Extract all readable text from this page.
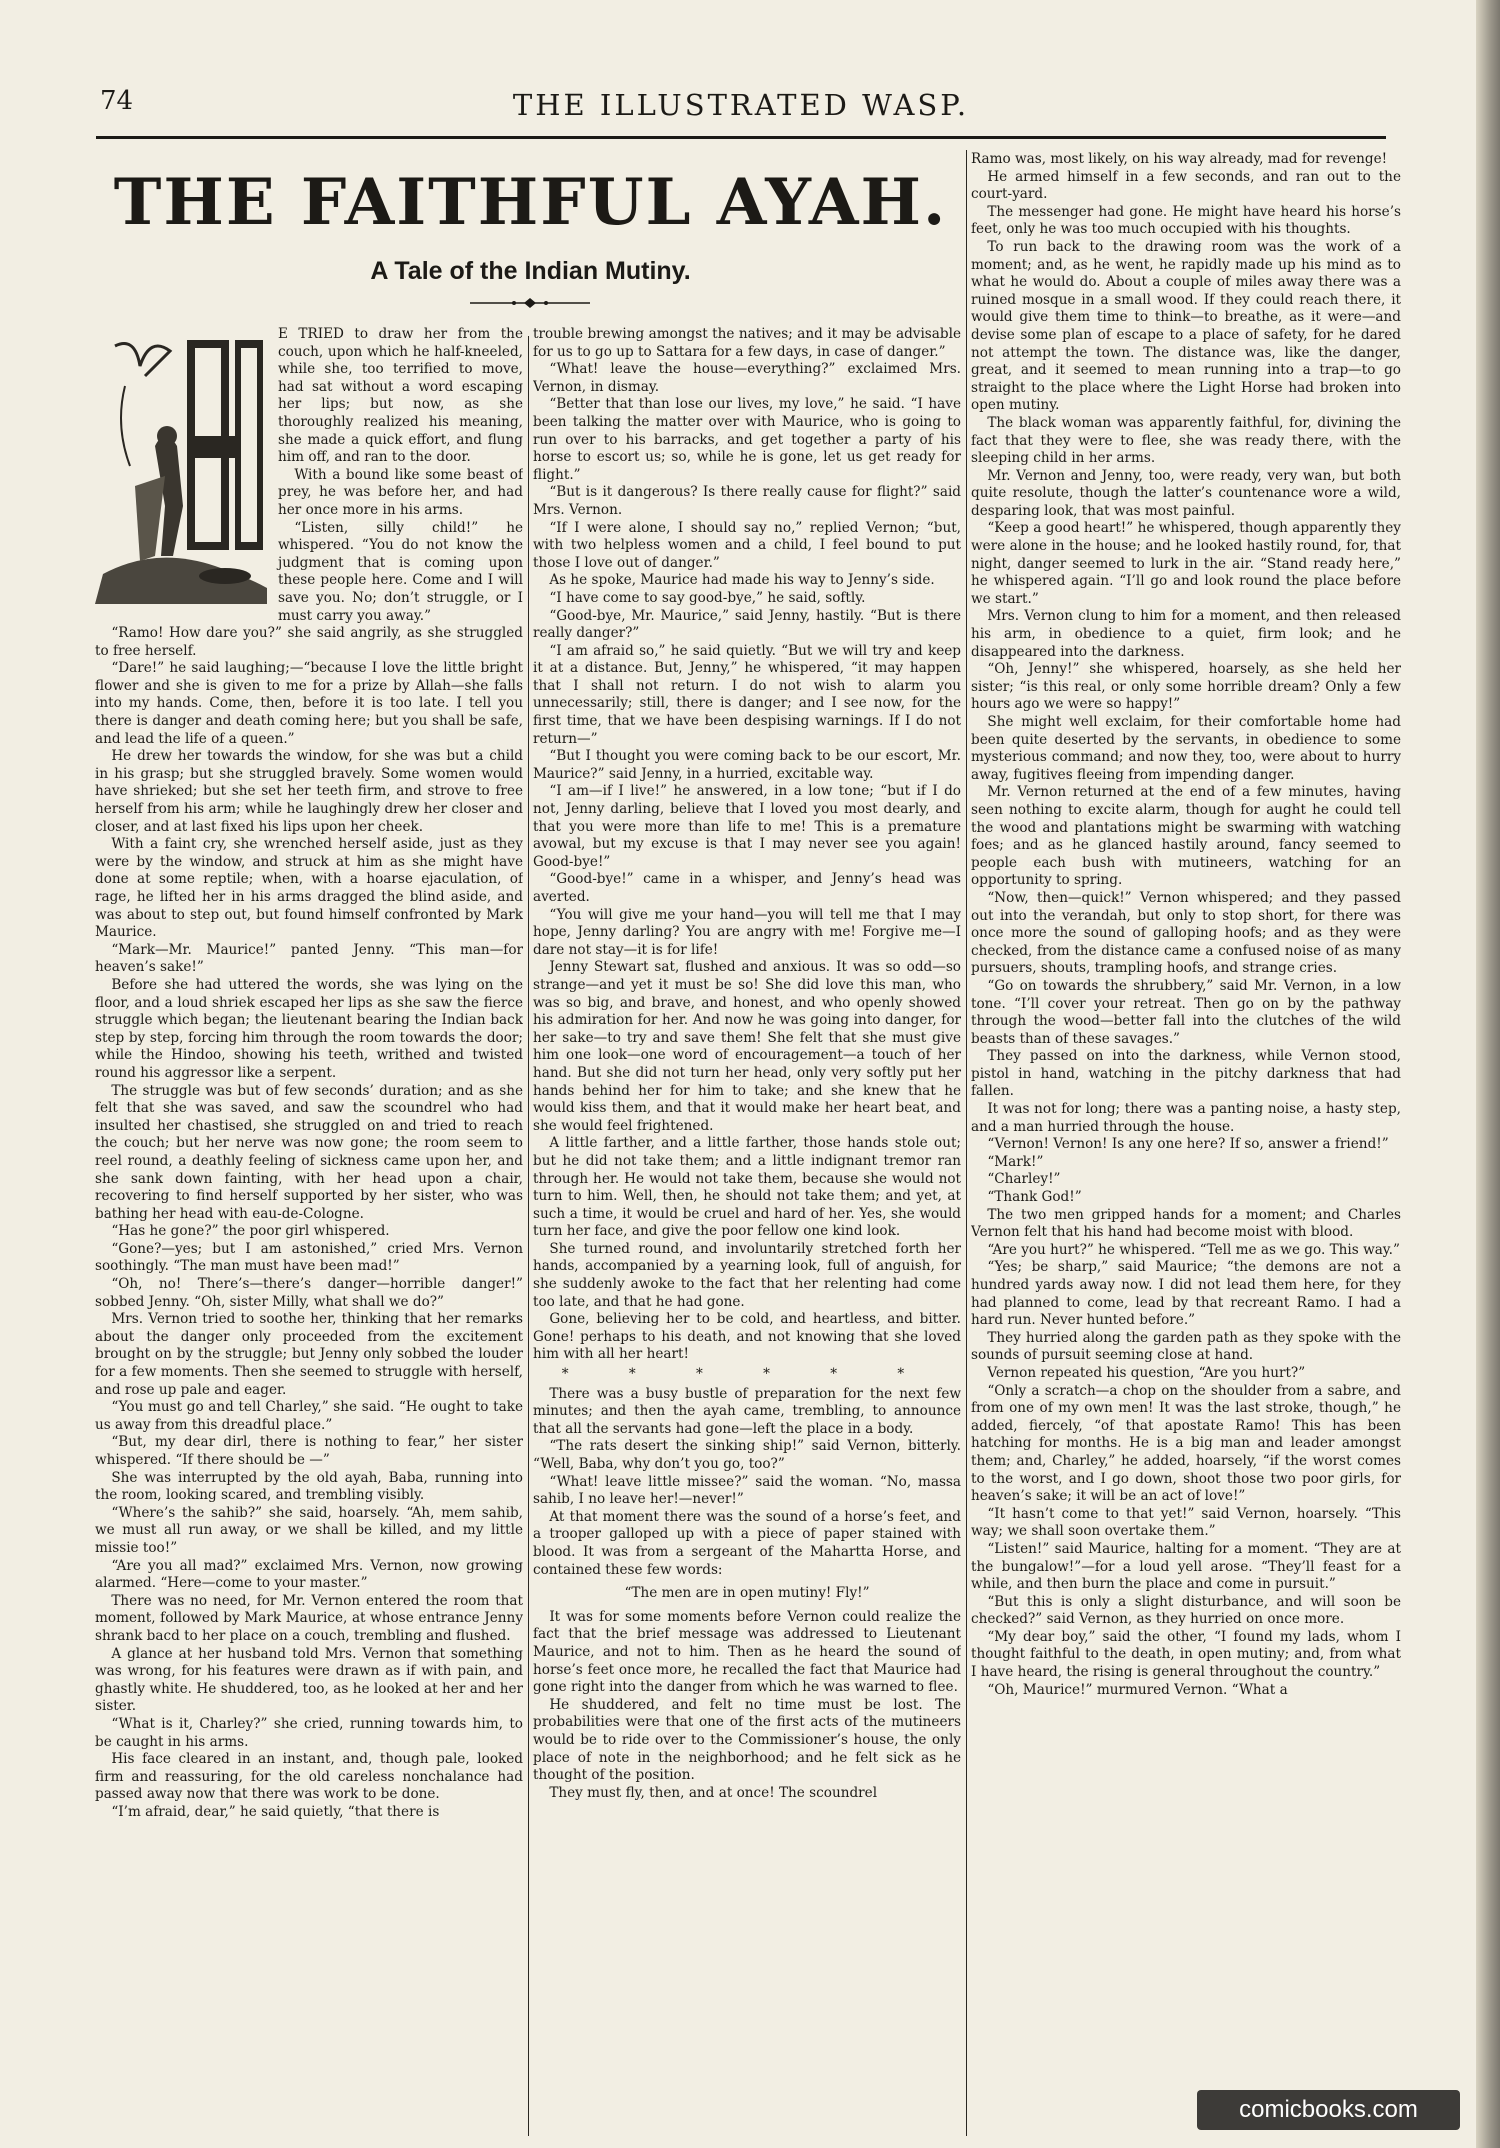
74	THE ILLUSTRATED WASP.
THE FAITHFUL AYAH.
A Tale of the Indian Mutiny.

E TRIED to draw her from the couch, upon which he half-kneeled, while she, too terrified to move, had sat without a word escaping her lips; but now, as she thoroughly realized his meaning, she made a quick effort, and flung him off, and ran to the door.

With a bound like some beast of prey, he was before her, and had her once more in his arms.

“Listen, silly child!” he whispered. “You do not know the judgment that is coming upon these people here. Come and I will save you. No; don’t struggle, or I must carry you away.”

“Ramo! How dare you?” she said angrily, as she struggled to free herself.

“Dare!” he said laughing;—“because I love the little bright flower and she is given to me for a prize by Allah—she falls into my hands. Come, then, before it is too late. I tell you there is danger and death coming here; but you shall be safe, and lead the life of a queen.”

He drew her towards the window, for she was but a child in his grasp; but she struggled bravely. Some women would have shrieked; but she set her teeth firm, and strove to free herself from his arm; while he laughingly drew her closer and closer, and at last fixed his lips upon her cheek.

With a faint cry, she wrenched herself aside, just as they were by the window, and struck at him as she might have done at some reptile; when, with a hoarse ejaculation, of rage, he lifted her in his arms dragged the blind aside, and was about to step out, but found himself confronted by Mark Maurice.

“Mark—Mr. Maurice!” panted Jenny. “This man—for heaven’s sake!”

Before she had uttered the words, she was lying on the floor, and a loud shriek escaped her lips as she saw the fierce struggle which began; the lieutenant bearing the Indian back step by step, forcing him through the room towards the door; while the Hindoo, showing his teeth, writhed and twisted round his aggressor like a serpent.

The struggle was but of few seconds’ duration; and as she felt that she was saved, and saw the scoundrel who had insulted her chastised, she struggled on and tried to reach the couch; but her nerve was now gone; the room seem to reel round, a deathly feeling of sickness came upon her, and she sank down fainting, with her head upon a chair, recovering to find herself supported by her sister, who was bathing her head with eau-de-Cologne.

“Has he gone?” the poor girl whispered.

“Gone?—yes; but I am astonished,” cried Mrs. Vernon soothingly. “The man must have been mad!”

“Oh, no! There’s—there’s danger—horrible danger!” sobbed Jenny. “Oh, sister Milly, what shall we do?”

Mrs. Vernon tried to soothe her, thinking that her remarks about the danger only proceeded from the excitement brought on by the struggle; but Jenny only sobbed the louder for a few moments. Then she seemed to struggle with herself, and rose up pale and eager.

“You must go and tell Charley,” she said. “He ought to take us away from this dreadful place.”

“But, my dear dirl, there is nothing to fear,” her sister whispered. “If there should be —”

She was interrupted by the old ayah, Baba, running into the room, looking scared, and trembling visibly.

“Where’s the sahib?” she said, hoarsely. “Ah, mem sahib, we must all run away, or we shall be killed, and my little missie too!”

“Are you all mad?” exclaimed Mrs. Vernon, now growing alarmed. “Here—come to your master.”

There was no need, for Mr. Vernon entered the room that moment, followed by Mark Maurice, at whose entrance Jenny shrank bacd to her place on a couch, trembling and flushed.

A glance at her husband told Mrs. Vernon that something was wrong, for his features were drawn as if with pain, and ghastly white. He shuddered, too, as he looked at her and her sister.

“What is it, Charley?” she cried, running towards him, to be caught in his arms.

His face cleared in an instant, and, though pale, looked firm and reassuring, for the old careless nonchalance had passed away now that there was work to be done.

“I’m afraid, dear,” he said quietly, “that there is

trouble brewing amongst the natives; and it may be advisable for us to go up to Sattara for a few days, in case of danger.”

“What! leave the house—everything?” exclaimed Mrs. Vernon, in dismay.

“Better that than lose our lives, my love,” he said. “I have been talking the matter over with Maurice, who is going to run over to his barracks, and get together a party of his horse to escort us; so, while he is gone, let us get ready for flight.”

“But is it dangerous? Is there really cause for flight?” said Mrs. Vernon.

“If I were alone, I should say no,” replied Vernon; “but, with two helpless women and a child, I feel bound to put those I love out of danger.”

As he spoke, Maurice had made his way to Jenny’s side.

“I have come to say good-bye,” he said, softly.

“Good-bye, Mr. Maurice,” said Jenny, hastily. “But is there really danger?”

“I am afraid so,” he said quietly. “But we will try and keep it at a distance. But, Jenny,” he whispered, “it may happen that I shall not return. I do not wish to alarm you unnecessarily; still, there is danger; and I see now, for the first time, that we have been despising warnings. If I do not return—”

“But I thought you were coming back to be our escort, Mr. Maurice?” said Jenny, in a hurried, excitable way.

“I am—if I live!” he answered, in a low tone; “but if I do not, Jenny darling, believe that I loved you most dearly, and that you were more than life to me! This is a premature avowal, but my excuse is that I may never see you again! Good-bye!”

“Good-bye!” came in a whisper, and Jenny’s head was averted.

“You will give me your hand—you will tell me that I may hope, Jenny darling? You are angry with me! Forgive me—I dare not stay—it is for life!

Jenny Stewart sat, flushed and anxious. It was so odd—so strange—and yet it must be so! She did love this man, who was so big, and brave, and honest, and who openly showed his admiration for her. And now he was going into danger, for her sake—to try and save them! She felt that she must give him one look—one word of encouragement—a touch of her hand. But she did not turn her head, only very softly put her hands behind her for him to take; and she knew that he would kiss them, and that it would make her heart beat, and she would feel frightened.

A little farther, and a little farther, those hands stole out; but he did not take them; and a little indignant tremor ran through her. He would not take them, because she would not turn to him. Well, then, he should not take them; and yet, at such a time, it would be cruel and hard of her. Yes, she would turn her face, and give the poor fellow one kind look.

She turned round, and involuntarily stretched forth her hands, accompanied by a yearning look, full of anguish, for she suddenly awoke to the fact that her relenting had come too late, and that he had gone.

Gone, believing her to be cold, and heartless, and bitter. Gone! perhaps to his death, and not knowing that she loved him with all her heart!

* * * * * *

There was a busy bustle of preparation for the next few minutes; and then the ayah came, trembling, to announce that all the servants had gone—left the place in a body.

“The rats desert the sinking ship!” said Vernon, bitterly. “Well, Baba, why don’t you go, too?”

“What! leave little missee?” said the woman. “No, massa sahib, I no leave her!—never!”

At that moment there was the sound of a horse’s feet, and a trooper galloped up with a piece of paper stained with blood. It was from a sergeant of the Mahartta Horse, and contained these few words:

“The men are in open mutiny! Fly!”

It was for some moments before Vernon could realize the fact that the brief message was addressed to Lieutenant Maurice, and not to him. Then as he heard the sound of horse’s feet once more, he recalled the fact that Maurice had gone right into the danger from which he was warned to flee.

He shuddered, and felt no time must be lost. The probabilities were that one of the first acts of the mutineers would be to ride over to the Commissioner’s house, the only place of note in the neighborhood; and he felt sick as he thought of the position.

They must fly, then, and at once! The scoundrel

Ramo was, most likely, on his way already, mad for revenge!

He armed himself in a few seconds, and ran out to the court-yard.

The messenger had gone. He might have heard his horse’s feet, only he was too much occupied with his thoughts.

To run back to the drawing room was the work of a moment; and, as he went, he rapidly made up his mind as to what he would do. About a couple of miles away there was a ruined mosque in a small wood. If they could reach there, it would give them time to think—to breathe, as it were—and devise some plan of escape to a place of safety, for he dared not attempt the town. The distance was, like the danger, great, and it seemed to mean running into a trap—to go straight to the place where the Light Horse had broken into open mutiny.

The black woman was apparently faithful, for, divining the fact that they were to flee, she was ready there, with the sleeping child in her arms.

Mr. Vernon and Jenny, too, were ready, very wan, but both quite resolute, though the latter’s countenance wore a wild, desparing look, that was most painful.

“Keep a good heart!” he whispered, though apparently they were alone in the house; and he looked hastily round, for, that night, danger seemed to lurk in the air. “Stand ready here,” he whispered again. “I’ll go and look round the place before we start.”

Mrs. Vernon clung to him for a moment, and then released his arm, in obedience to a quiet, firm look; and he disappeared into the darkness.

“Oh, Jenny!” she whispered, hoarsely, as she held her sister; “is this real, or only some horrible dream? Only a few hours ago we were so happy!”

She might well exclaim, for their comfortable home had been quite deserted by the servants, in obedience to some mysterious command; and now they, too, were about to hurry away, fugitives fleeing from impending danger.

Mr. Vernon returned at the end of a few minutes, having seen nothing to excite alarm, though for aught he could tell the wood and plantations might be swarming with watching foes; and as he glanced hastily around, fancy seemed to people each bush with mutineers, watching for an opportunity to spring.

“Now, then—quick!” Vernon whispered; and they passed out into the verandah, but only to stop short, for there was once more the sound of galloping hoofs; and as they were checked, from the distance came a confused noise of as many pursuers, shouts, trampling hoofs, and strange cries.

“Go on towards the shrubbery,” said Mr. Vernon, in a low tone. “I’ll cover your retreat. Then go on by the pathway through the wood—better fall into the clutches of the wild beasts than of these savages.”

They passed on into the darkness, while Vernon stood, pistol in hand, watching in the pitchy darkness that had fallen.

It was not for long; there was a panting noise, a hasty step, and a man hurried through the house.

“Vernon! Vernon! Is any one here? If so, answer a friend!”

“Mark!”

“Charley!”

“Thank God!”

The two men gripped hands for a moment; and Charles Vernon felt that his hand had become moist with blood.

“Are you hurt?” he whispered. “Tell me as we go. This way.”

“Yes; be sharp,” said Maurice; “the demons are not a hundred yards away now. I did not lead them here, for they had planned to come, lead by that recreant Ramo. I had a hard run. Never hunted before.”

They hurried along the garden path as they spoke with the sounds of pursuit seeming close at hand.

Vernon repeated his question, “Are you hurt?”

“Only a scratch—a chop on the shoulder from a sabre, and from one of my own men! It was the last stroke, though,” he added, fiercely, “of that apostate Ramo! This has been hatching for months. He is a big man and leader amongst them; and, Charley,” he added, hoarsely, “if the worst comes to the worst, and I go down, shoot those two poor girls, for heaven’s sake; it will be an act of love!”

“It hasn’t come to that yet!” said Vernon, hoarsely. “This way; we shall soon overtake them.”

“Listen!” said Maurice, halting for a moment. “They are at the bungalow!”—for a loud yell arose. “They’ll feast for a while, and then burn the place and come in pursuit.”

“But this is only a slight disturbance, and will soon be checked?” said Vernon, as they hurried on once more.

“My dear boy,” said the other, “I found my lads, whom I thought faithful to the death, in open mutiny; and, from what I have heard, the rising is general throughout the country.”

“Oh, Maurice!” murmured Vernon. “What a

comicbooks.com
